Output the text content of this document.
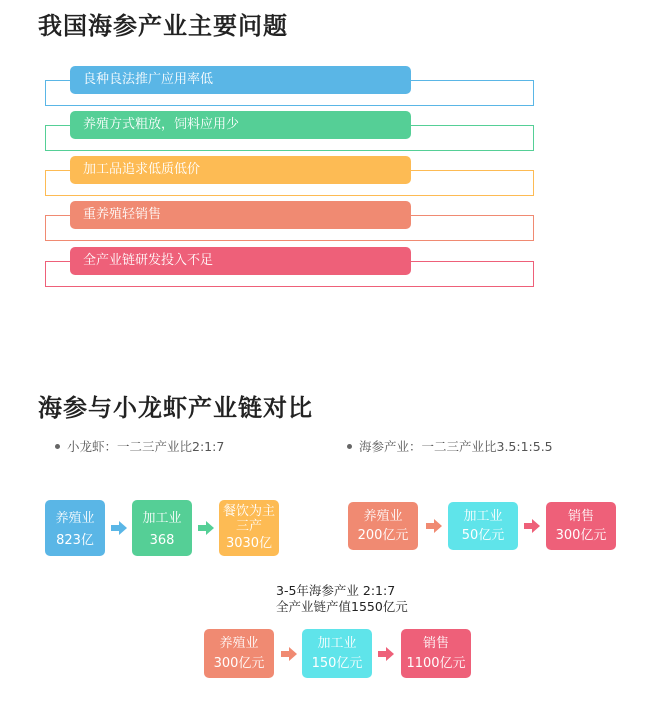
我国海参产业主要问题
良种良法推广应用率低
养殖方式粗放，饲料应用少
加工品追求低质低价
重养殖轻销售
全产业链研发投入不足
海参与小龙虾产业链对比
小龙虾：一二三产业比2:1:7	海参产业：一二三产业比3.5:1:5.5
养殖业
823亿
加工业
368
餐饮为主
三产
3030亿
养殖业
200亿元
加工业
50亿元
销售
300亿元
3-5年海参产业 2:1:7
全产业链产值1550亿元
养殖业
300亿元
加工业
150亿元
销售
1100亿元
